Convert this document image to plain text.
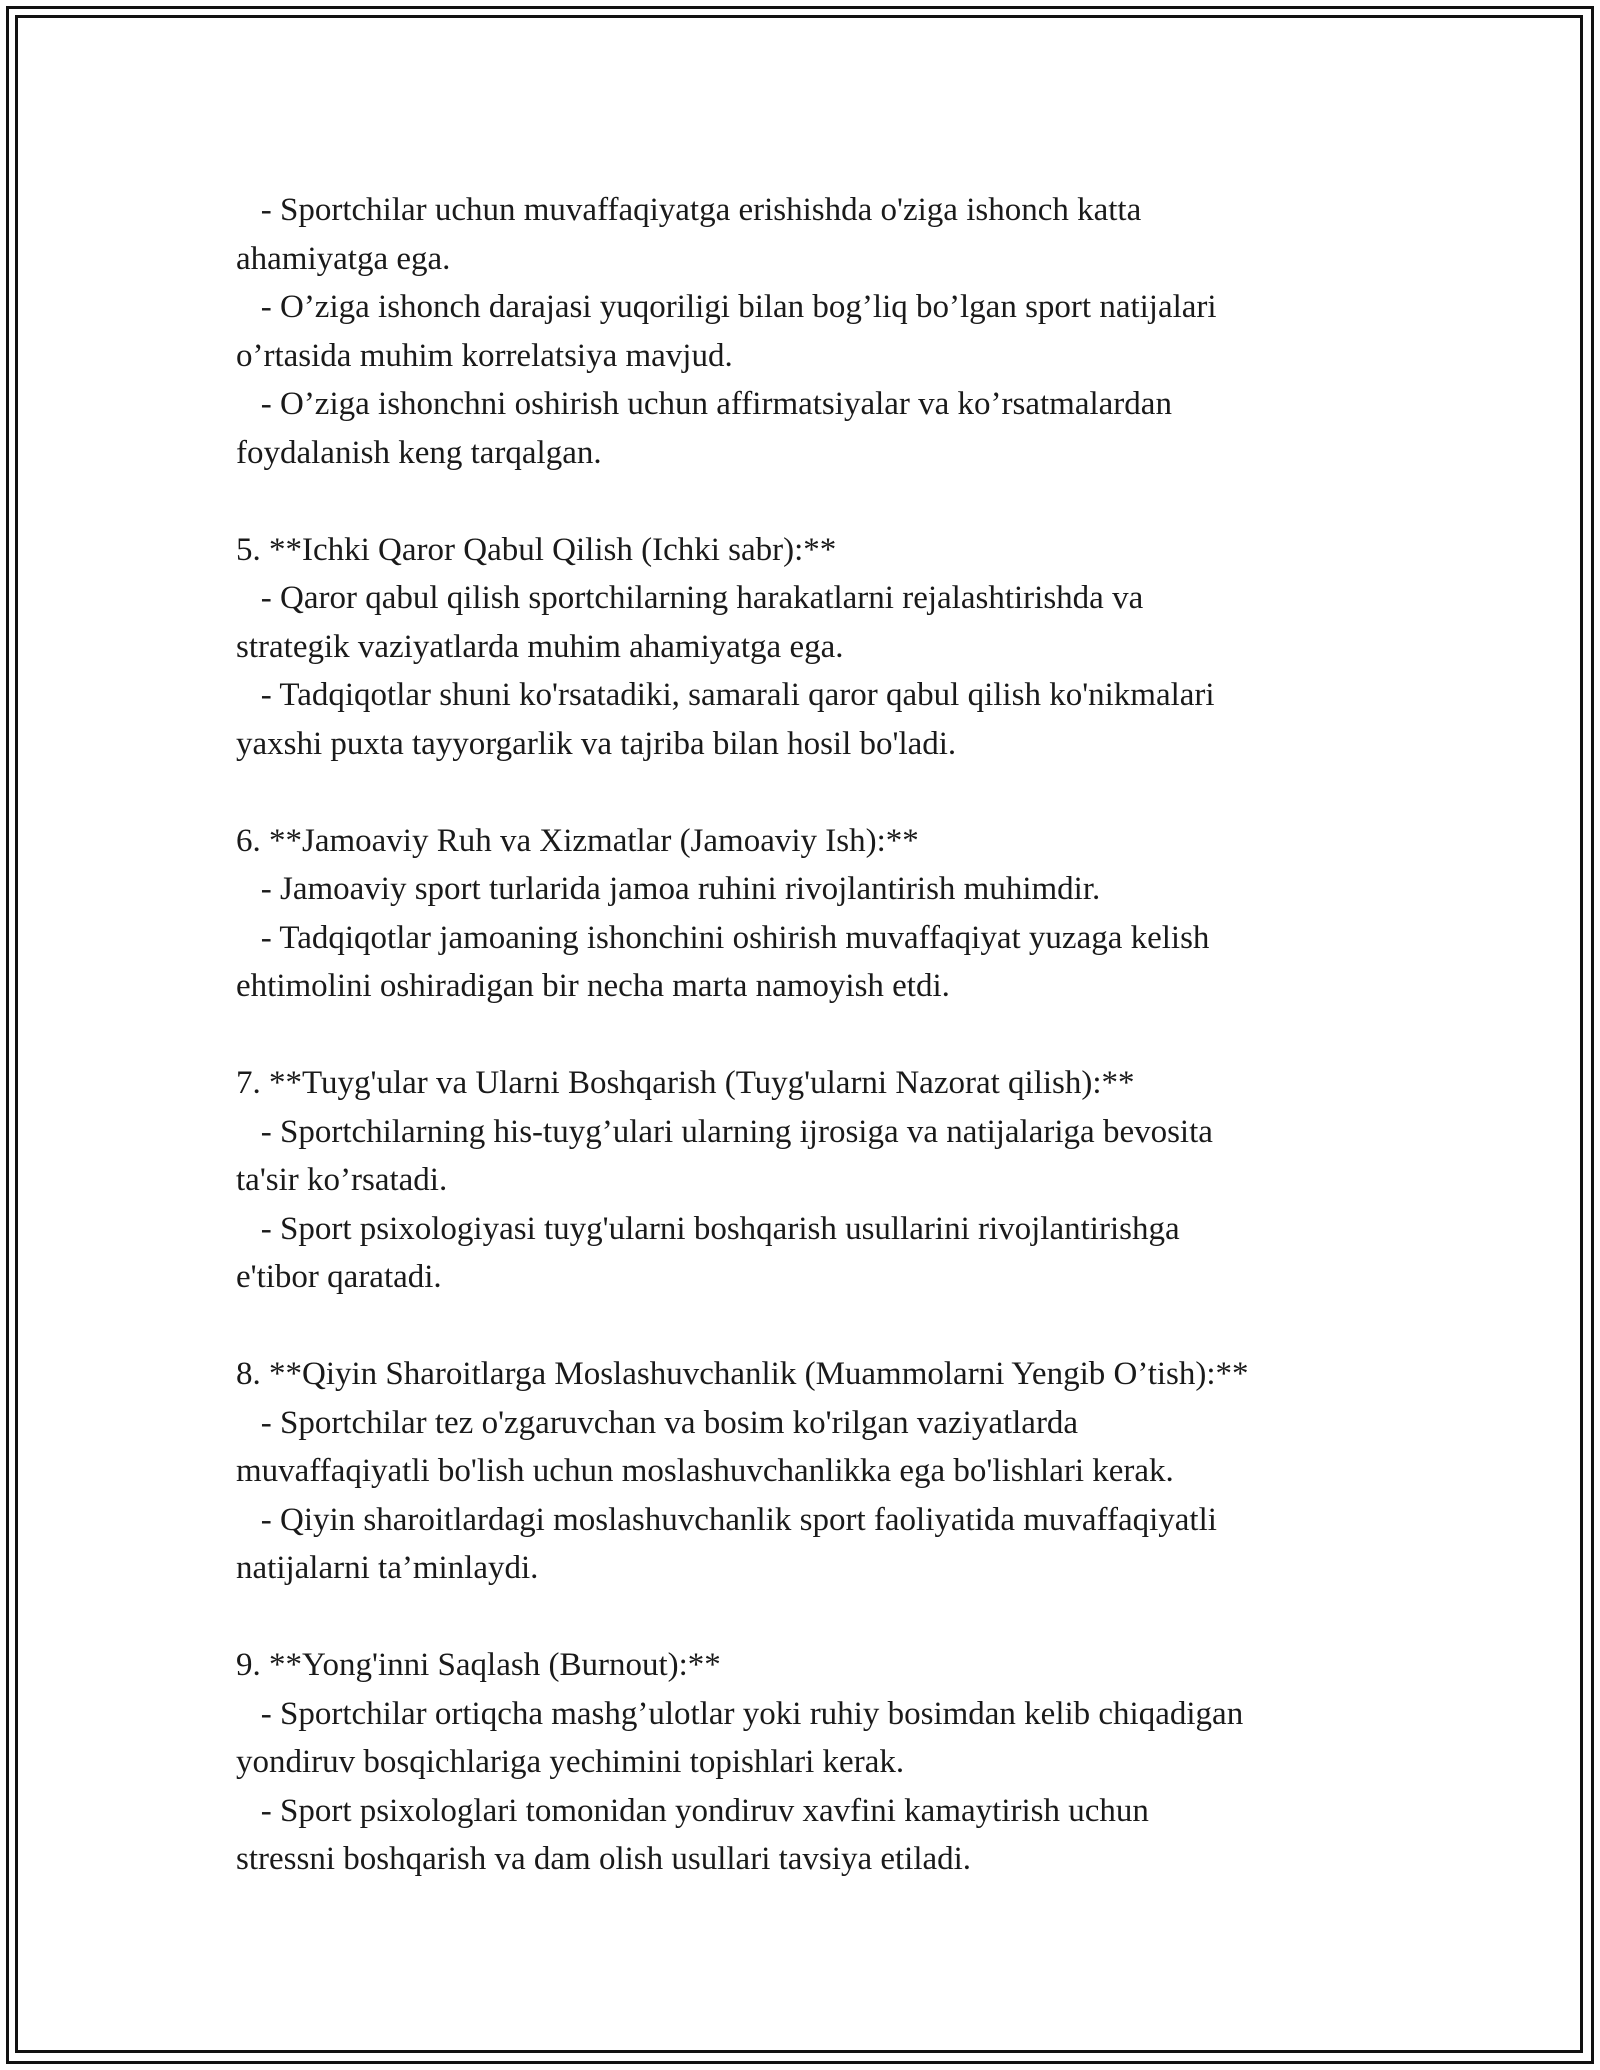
- Sportchilar uchun muvaffaqiyatga erishishda o'ziga ishonch katta

ahamiyatga ega.

- O’ziga ishonch darajasi yuqoriligi bilan bog’liq bo’lgan sport natijalari

o’rtasida muhim korrelatsiya mavjud.

- O’ziga ishonchni oshirish uchun affirmatsiyalar va ko’rsatmalardan

foydalanish keng tarqalgan.

5. **Ichki Qaror Qabul Qilish (Ichki sabr):**

- Qaror qabul qilish sportchilarning harakatlarni rejalashtirishda va

strategik vaziyatlarda muhim ahamiyatga ega.

- Tadqiqotlar shuni ko'rsatadiki, samarali qaror qabul qilish ko'nikmalari

yaxshi puxta tayyorgarlik va tajriba bilan hosil bo'ladi.

6. **Jamoaviy Ruh va Xizmatlar (Jamoaviy Ish):**

- Jamoaviy sport turlarida jamoa ruhini rivojlantirish muhimdir.

- Tadqiqotlar jamoaning ishonchini oshirish muvaffaqiyat yuzaga kelish

ehtimolini oshiradigan bir necha marta namoyish etdi.

7. **Tuyg'ular va Ularni Boshqarish (Tuyg'ularni Nazorat qilish):**

- Sportchilarning his-tuyg’ulari ularning ijrosiga va natijalariga bevosita

ta'sir ko’rsatadi.

- Sport psixologiyasi tuyg'ularni boshqarish usullarini rivojlantirishga

e'tibor qaratadi.

8. **Qiyin Sharoitlarga Moslashuvchanlik (Muammolarni Yengib O’tish):**

- Sportchilar tez o'zgaruvchan va bosim ko'rilgan vaziyatlarda

muvaffaqiyatli bo'lish uchun moslashuvchanlikka ega bo'lishlari kerak.

- Qiyin sharoitlardagi moslashuvchanlik sport faoliyatida muvaffaqiyatli

natijalarni ta’minlaydi.

9. **Yong'inni Saqlash (Burnout):**

- Sportchilar ortiqcha mashg’ulotlar yoki ruhiy bosimdan kelib chiqadigan

yondiruv bosqichlariga yechimini topishlari kerak.

- Sport psixologlari tomonidan yondiruv xavfini kamaytirish uchun

stressni boshqarish va dam olish usullari tavsiya etiladi.
